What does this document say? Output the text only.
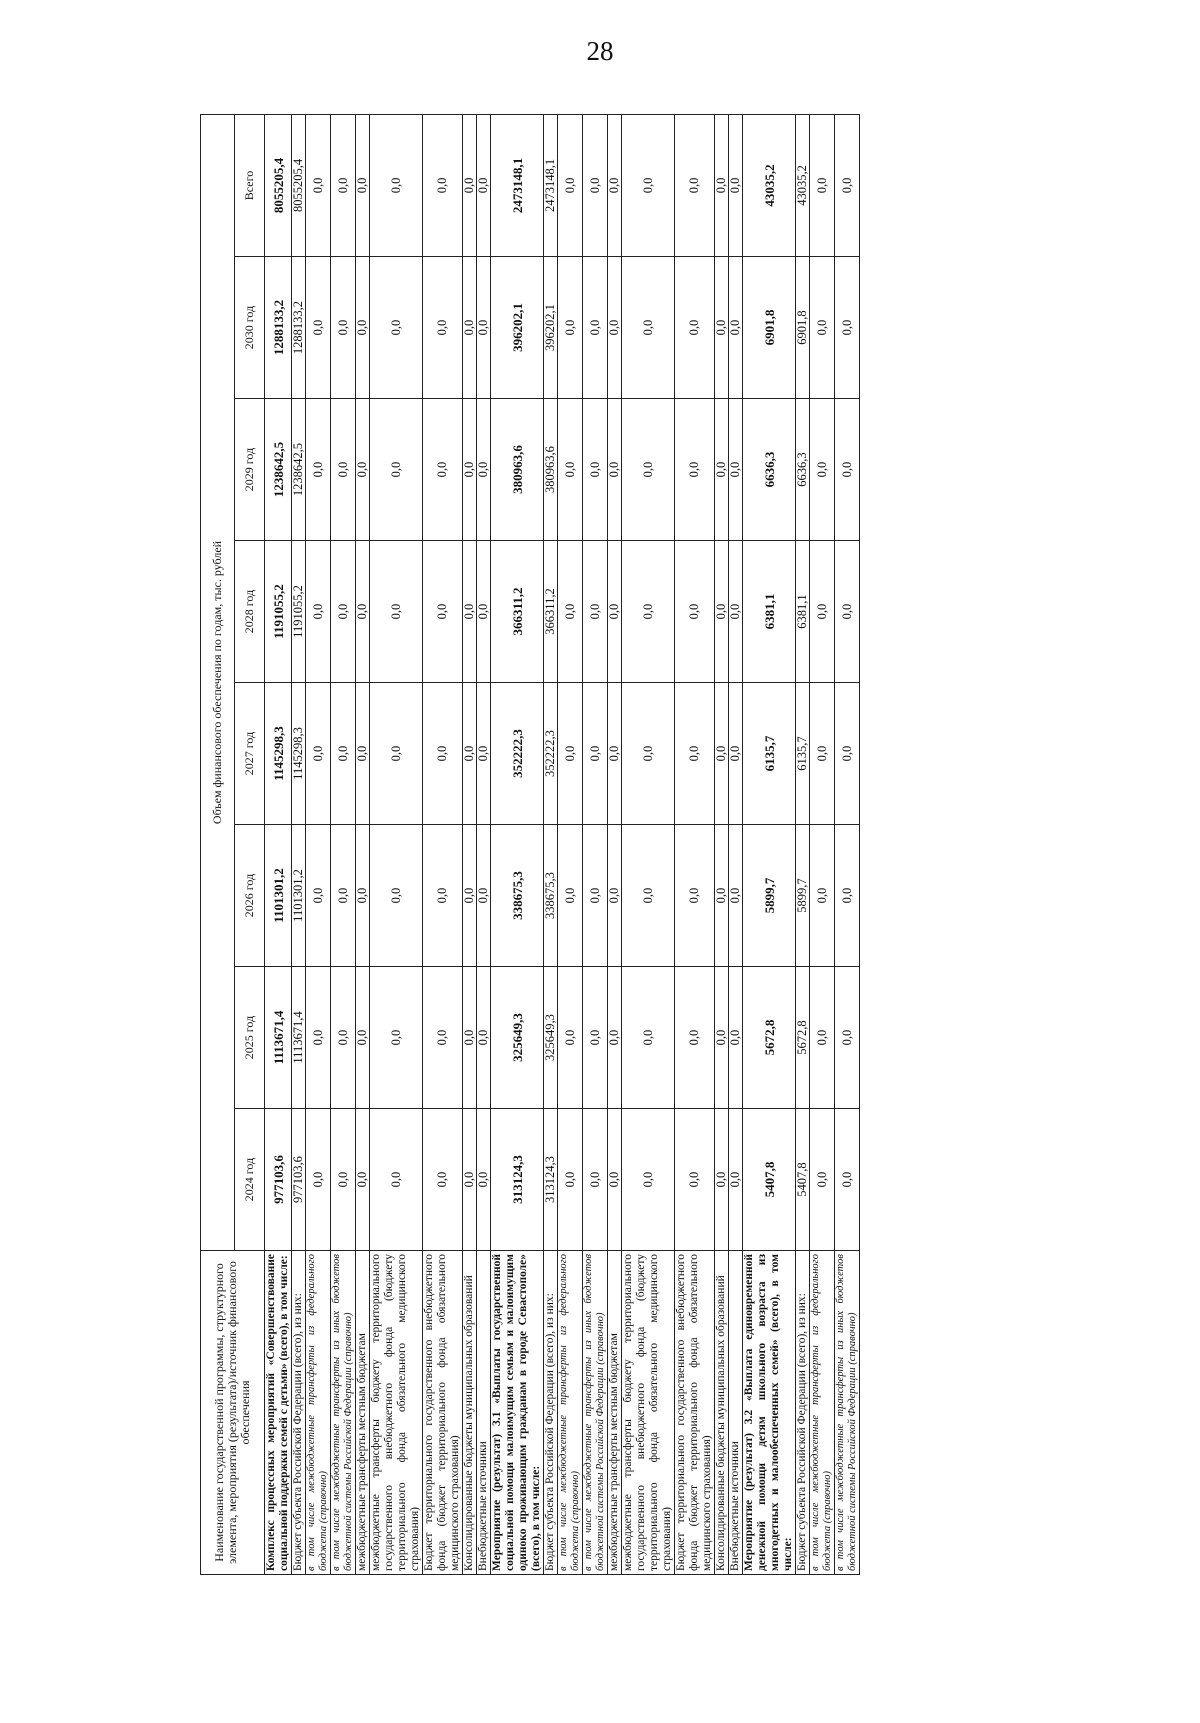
28
Наименование государственной программы, структурного элемента, мероприятия (результата)/источник финансового обеспечения	Объем финансового обеспечения по годам, тыс. рублей							
	2024 год	2025 год	2026 год	2027 год	2028 год	2029 год	2030 год	Всего
Комплекс процессных мероприятий «Совершенствование социальной поддержки семей с детьми» (всего), в том числе:	977103,6	1113671,4	1101301,2	1145298,3	1191055,2	1238642,5	1288133,2	8055205,4
Бюджет субъекта Российской Федерации (всего), из них:	977103,6	1113671,4	1101301,2	1145298,3	1191055,2	1238642,5	1288133,2	8055205,4
в том числе межбюджетные трансферты из федерального бюджета (справочно)	0,0	0,0	0,0	0,0	0,0	0,0	0,0	0,0
в том числе межбюджетные трансферты из иных бюджетов бюджетной системы Российской Федерации (справочно)	0,0	0,0	0,0	0,0	0,0	0,0	0,0	0,0
межбюджетные трансферты местным бюджетам	0,0	0,0	0,0	0,0	0,0	0,0	0,0	0,0
межбюджетные трансферты бюджету территориального государственного внебюджетного фонда (бюджету территориального фонда обязательного медицинского страхования)	0,0	0,0	0,0	0,0	0,0	0,0	0,0	0,0
Бюджет территориального государственного внебюджетного фонда (бюджет территориального фонда обязательного медицинского страхования)	0,0	0,0	0,0	0,0	0,0	0,0	0,0	0,0
Консолидированные бюджеты муниципальных образований	0,0	0,0	0,0	0,0	0,0	0,0	0,0	0,0
Внебюджетные источники	0,0	0,0	0,0	0,0	0,0	0,0	0,0	0,0
Мероприятие (результат) 3.1 «Выплаты государственной социальной помощи малоимущим семьям и малоимущим одиноко проживающим гражданам в городе Севастополе» (всего), в том числе:	313124,3	325649,3	338675,3	352222,3	366311,2	380963,6	396202,1	2473148,1
Бюджет субъекта Российской Федерации (всего), из них:	313124,3	325649,3	338675,3	352222,3	366311,2	380963,6	396202,1	2473148,1
в том числе межбюджетные трансферты из федерального бюджета (справочно)	0,0	0,0	0,0	0,0	0,0	0,0	0,0	0,0
в том числе межбюджетные трансферты из иных бюджетов бюджетной системы Российской Федерации (справочно)	0,0	0,0	0,0	0,0	0,0	0,0	0,0	0,0
межбюджетные трансферты местным бюджетам	0,0	0,0	0,0	0,0	0,0	0,0	0,0	0,0
межбюджетные трансферты бюджету территориального государственного внебюджетного фонда (бюджету территориального фонда обязательного медицинского страхования)	0,0	0,0	0,0	0,0	0,0	0,0	0,0	0,0
Бюджет территориального государственного внебюджетного фонда (бюджет территориального фонда обязательного медицинского страхования)	0,0	0,0	0,0	0,0	0,0	0,0	0,0	0,0
Консолидированные бюджеты муниципальных образований	0,0	0,0	0,0	0,0	0,0	0,0	0,0	0,0
Внебюджетные источники	0,0	0,0	0,0	0,0	0,0	0,0	0,0	0,0
Мероприятие (результат) 3.2 «Выплата единовременной денежной помощи детям школьного возраста из многодетных и малообеспеченных семей» (всего), в том числе:	5407,8	5672,8	5899,7	6135,7	6381,1	6636,3	6901,8	43035,2
Бюджет субъекта Российской Федерации (всего), из них:	5407,8	5672,8	5899,7	6135,7	6381,1	6636,3	6901,8	43035,2
в том числе межбюджетные трансферты из федерального бюджета (справочно)	0,0	0,0	0,0	0,0	0,0	0,0	0,0	0,0
в том числе межбюджетные трансферты из иных бюджетов бюджетной системы Российской Федерации (справочно)	0,0	0,0	0,0	0,0	0,0	0,0	0,0	0,0
